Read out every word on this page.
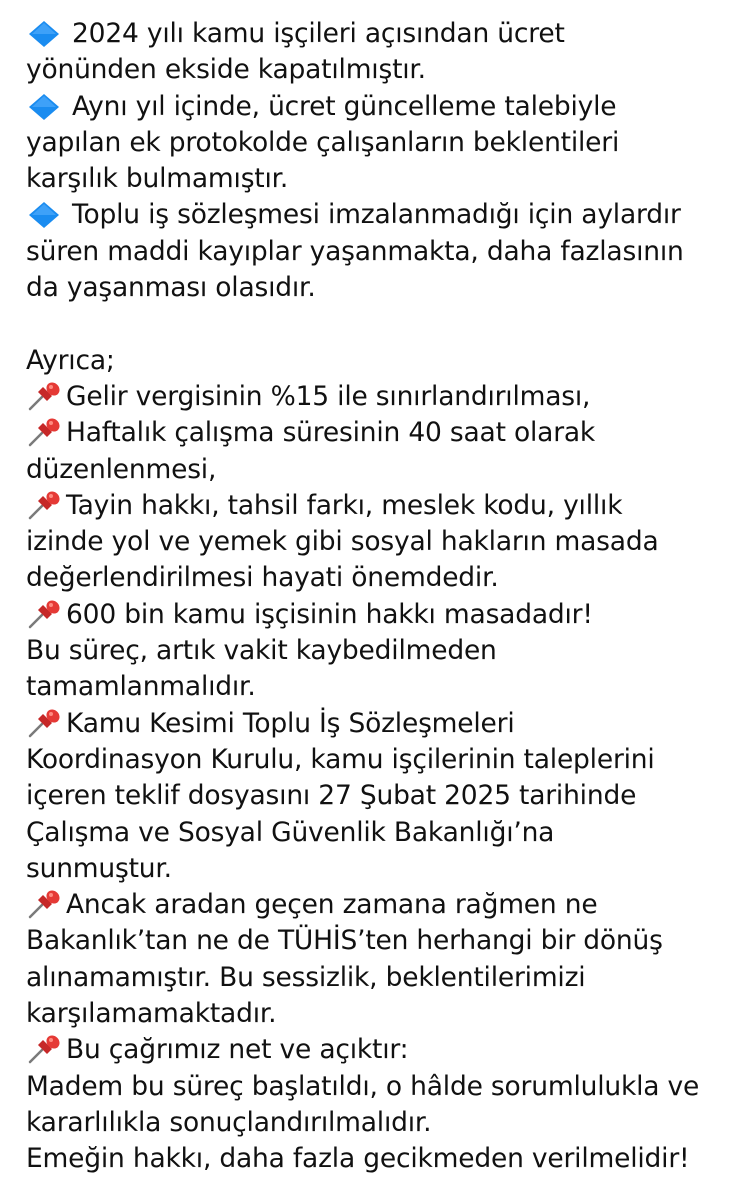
2024 yılı kamu işçileri açısından ücret
yönünden ekside kapatılmıştır.
Aynı yıl içinde, ücret güncelleme talebiyle
yapılan ek protokolde çalışanların beklentileri
karşılık bulmamıştır.
Toplu iş sözleşmesi imzalanmadığı için aylardır
süren maddi kayıplar yaşanmakta, daha fazlasının
da yaşanması olasıdır.
Ayrıca;
Gelir vergisinin %15 ile sınırlandırılması,
Haftalık çalışma süresinin 40 saat olarak
düzenlenmesi,
Tayin hakkı, tahsil farkı, meslek kodu, yıllık
izinde yol ve yemek gibi sosyal hakların masada
değerlendirilmesi hayati önemdedir.
600 bin kamu işçisinin hakkı masadadır!
Bu süreç, artık vakit kaybedilmeden
tamamlanmalıdır.
Kamu Kesimi Toplu İş Sözleşmeleri
Koordinasyon Kurulu, kamu işçilerinin taleplerini
içeren teklif dosyasını 27 Şubat 2025 tarihinde
Çalışma ve Sosyal Güvenlik Bakanlığı’na
sunmuştur.
Ancak aradan geçen zamana rağmen ne
Bakanlık’tan ne de TÜHİS’ten herhangi bir dönüş
alınamamıştır. Bu sessizlik, beklentilerimizi
karşılamamaktadır.
Bu çağrımız net ve açıktır:
Madem bu süreç başlatıldı, o hâlde sorumlulukla ve
kararlılıkla sonuçlandırılmalıdır.
Emeğin hakkı, daha fazla gecikmeden verilmelidir!
